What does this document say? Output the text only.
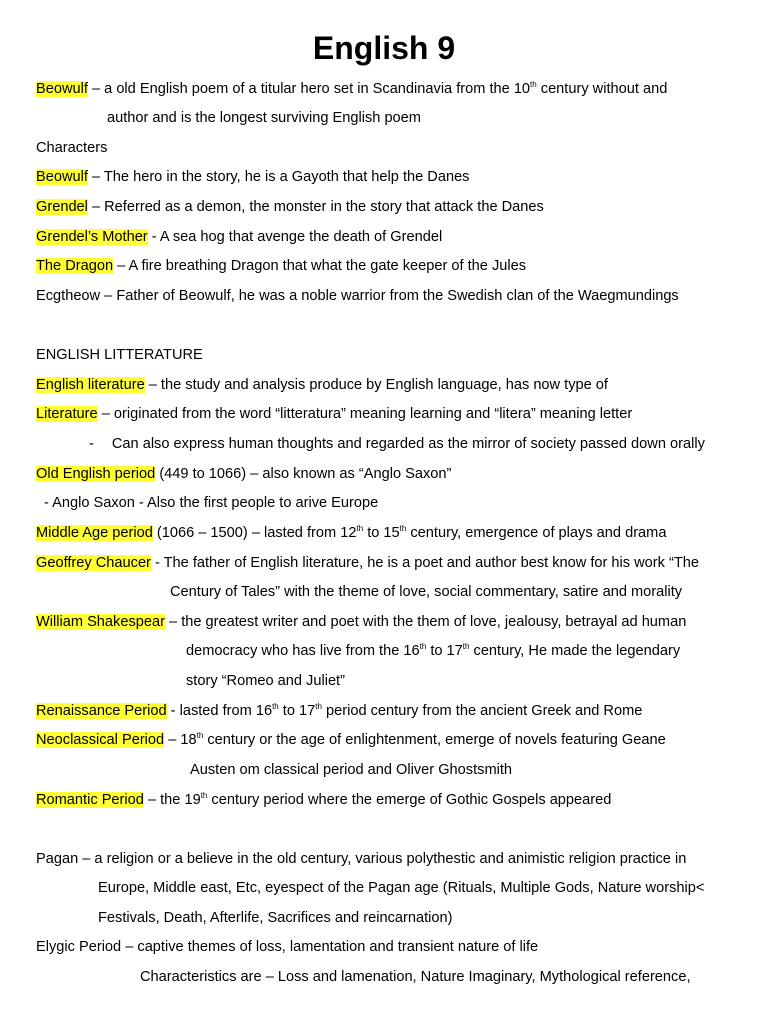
English 9
Beowulf – a old English poem of a titular hero set in Scandinavia from the 10th century without and
author and is the longest surviving English poem
Characters
Beowulf – The hero in the story, he is a Gayoth that help the Danes
Grendel – Referred as a demon, the monster in the story that attack the Danes
Grendel’s Mother - A sea hog that avenge the death of Grendel
The Dragon – A fire breathing Dragon that what the gate keeper of the Jules
Ecgtheow – Father of Beowulf, he was a noble warrior from the Swedish clan of the Waegmundings
ENGLISH LITTERATURE
English literature – the study and analysis produce by English language, has now type of
Literature – originated from the word “litteratura” meaning learning and “litera” meaning letter
- Can also express human thoughts and regarded as the mirror of society passed down orally
Old English period (449 to 1066) – also known as “Anglo Saxon”
- Anglo Saxon - Also the first people to arive Europe
Middle Age period (1066 – 1500) – lasted from 12th to 15th century, emergence of plays and drama
Geoffrey Chaucer - The father of English literature, he is a poet and author best know for his work “The
Century of Tales” with the theme of love, social commentary, satire and morality
William Shakespear – the greatest writer and poet with the them of love, jealousy, betrayal ad human
democracy who has live from the 16th to 17th century, He made the legendary
story “Romeo and Juliet”
Renaissance Period - lasted from 16th to 17th period century from the ancient Greek and Rome
Neoclassical Period – 18th century or the age of enlightenment, emerge of novels featuring Geane
Austen om classical period and Oliver Ghostsmith
Romantic Period – the 19th century period where the emerge of Gothic Gospels appeared
Pagan – a religion or a believe in the old century, various polythestic and animistic religion practice in
Europe, Middle east, Etc, eyespect of the Pagan age (Rituals, Multiple Gods, Nature worship<
Festivals, Death, Afterlife, Sacrifices and reincarnation)
Elygic Period – captive themes of loss, lamentation and transient nature of life
Characteristics are – Loss and lamenation, Nature Imaginary, Mythological reference,
